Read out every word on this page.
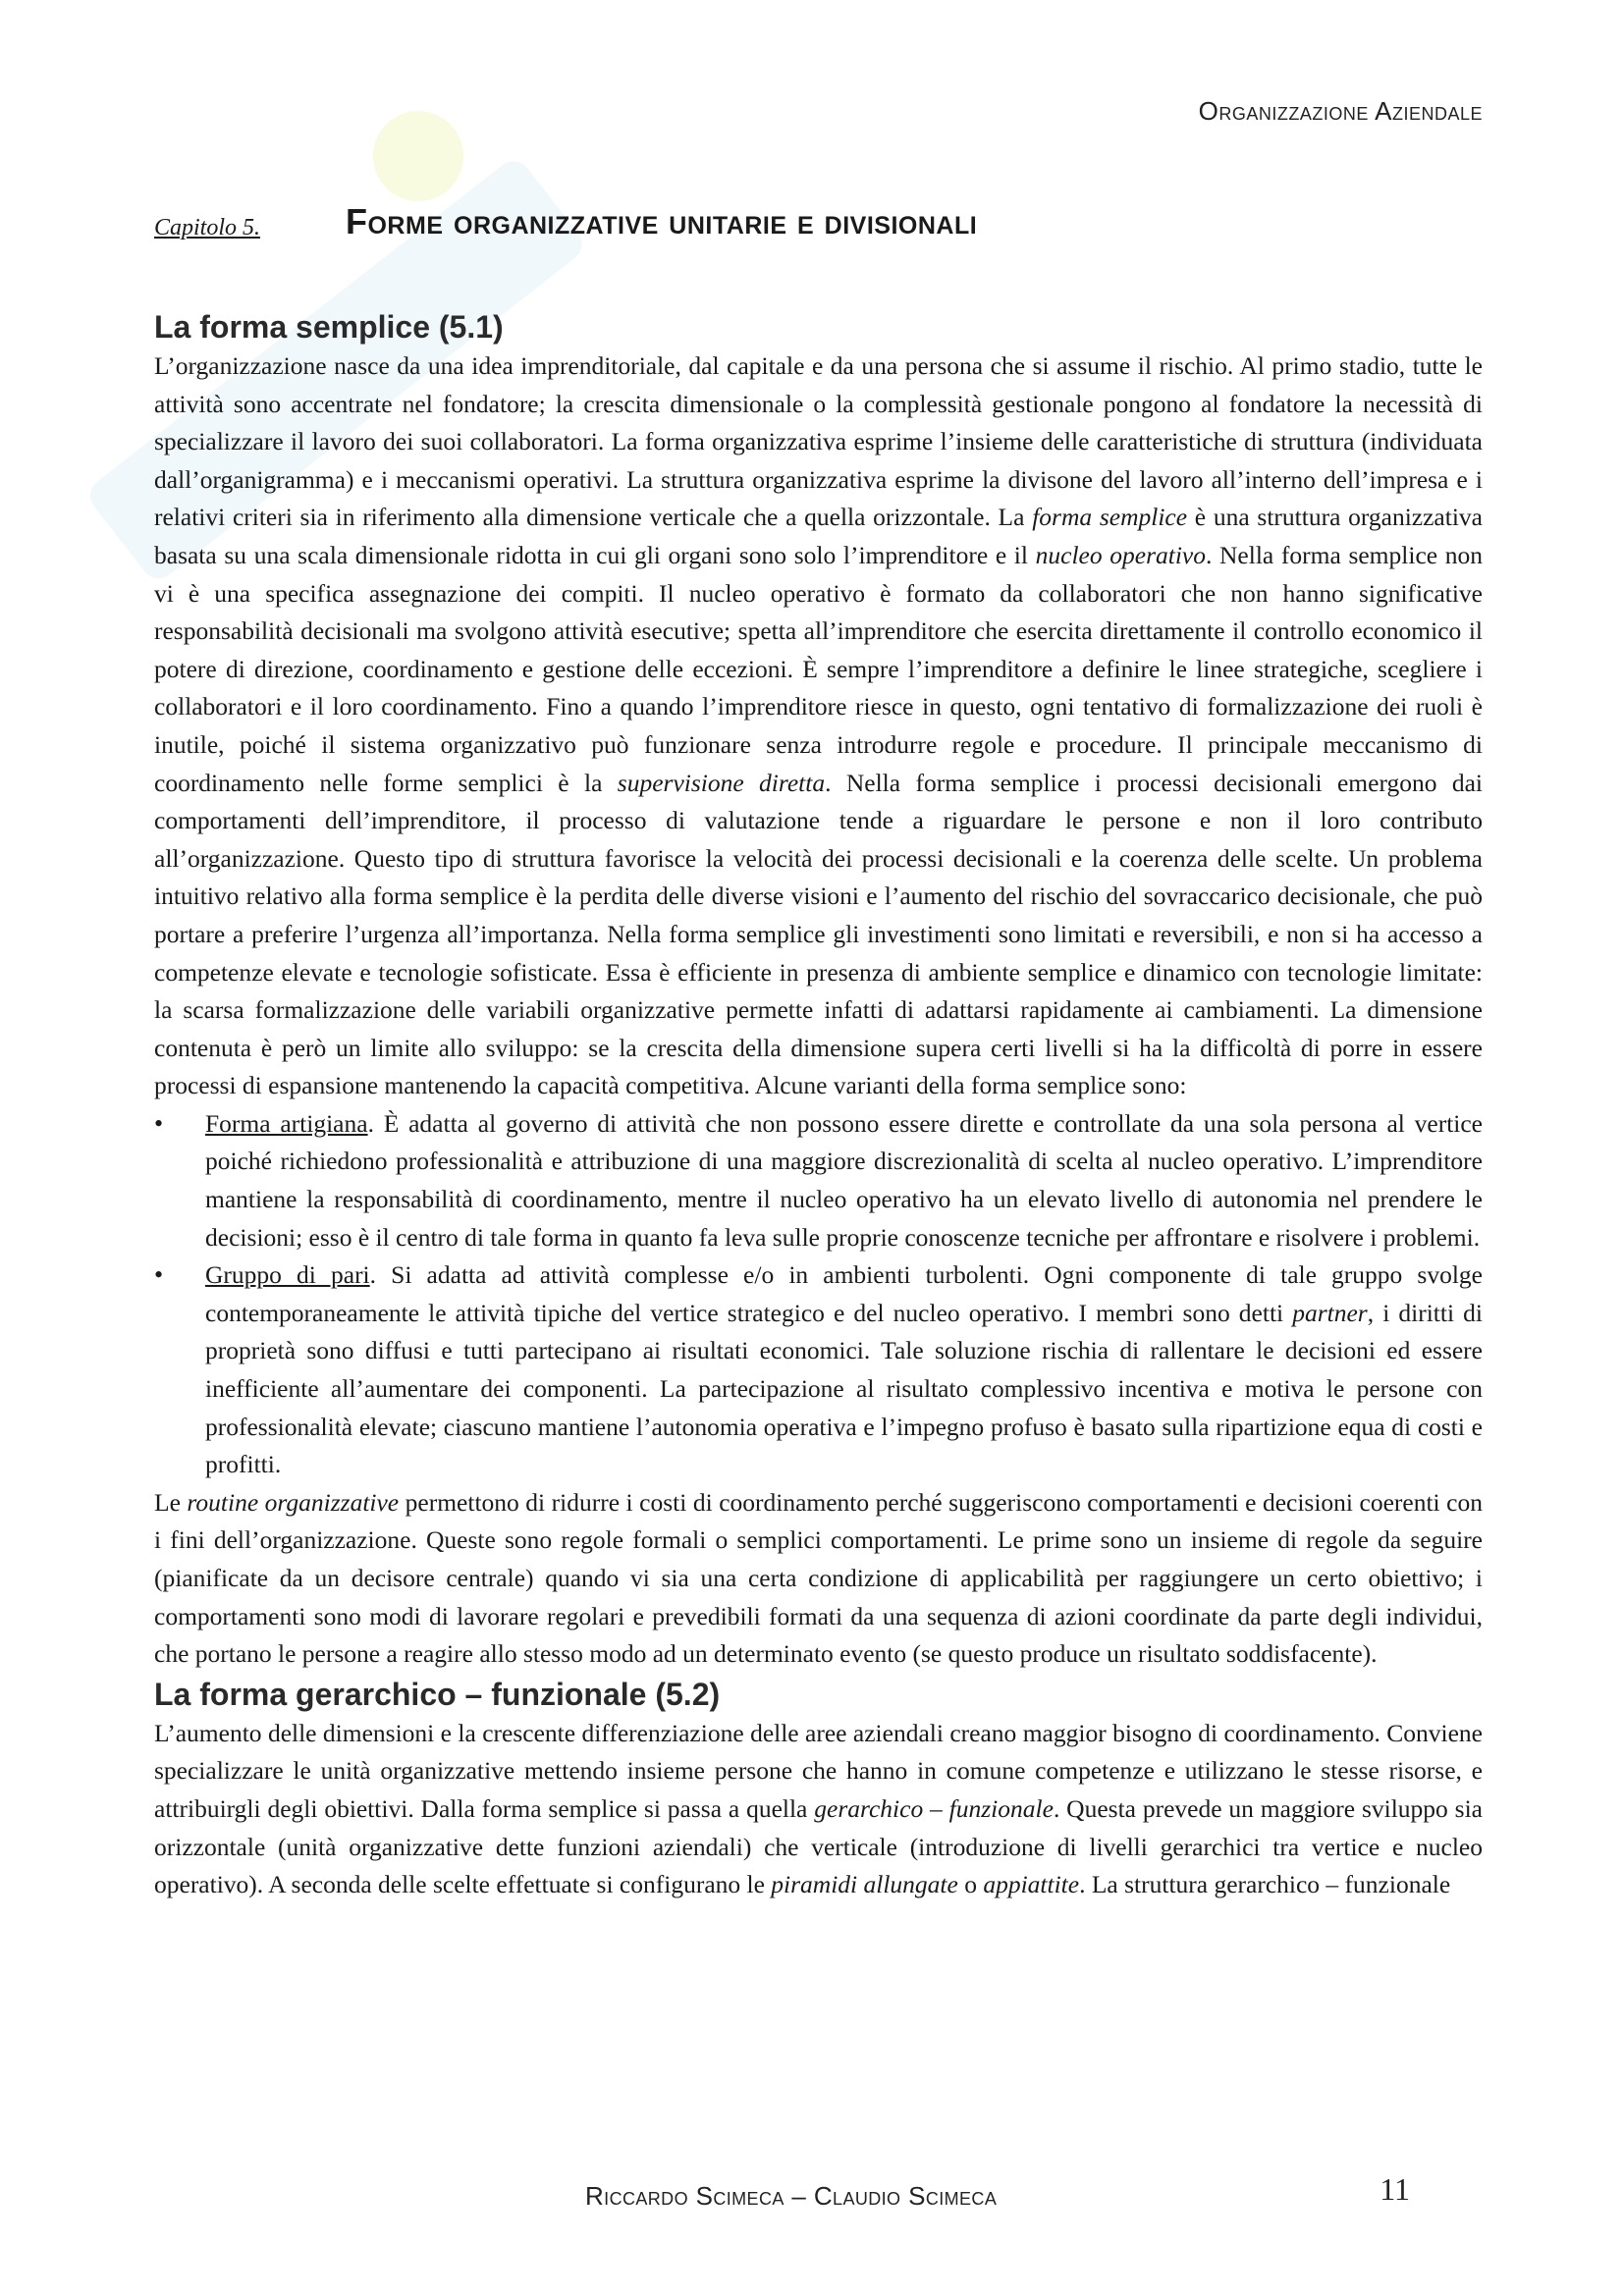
Organizzazione Aziendale
Capitolo 5. Forme organizzative unitarie e divisionali
La forma semplice (5.1)

L’organizzazione nasce da una idea imprenditoriale, dal capitale e da una persona che si assume il rischio. Al primo stadio, tutte le attività sono accentrate nel fondatore; la crescita dimensionale o la complessità gestionale pongono al fondatore la necessità di specializzare il lavoro dei suoi collaboratori. La forma organizzativa esprime l’insieme delle caratteristiche di struttura (individuata dall’organigramma) e i meccanismi operativi. La struttura organizzativa esprime la divisone del lavoro all’interno dell’impresa e i relativi criteri sia in riferimento alla dimensione verticale che a quella orizzontale. La forma semplice è una struttura organizzativa basata su una scala dimensionale ridotta in cui gli organi sono solo l’imprenditore e il nucleo operativo. Nella forma semplice non vi è una specifica assegnazione dei compiti. Il nucleo operativo è formato da collaboratori che non hanno significative responsabilità decisionali ma svolgono attività esecutive; spetta all’imprenditore che esercita direttamente il controllo economico il potere di direzione, coordinamento e gestione delle eccezioni. È sempre l’imprenditore a definire le linee strategiche, scegliere i collaboratori e il loro coordinamento. Fino a quando l’imprenditore riesce in questo, ogni tentativo di formalizzazione dei ruoli è inutile, poiché il sistema organizzativo può funzionare senza introdurre regole e procedure. Il principale meccanismo di coordinamento nelle forme semplici è la supervisione diretta. Nella forma semplice i processi decisionali emergono dai comportamenti dell’imprenditore, il processo di valutazione tende a riguardare le persone e non il loro contributo all’organizzazione. Questo tipo di struttura favorisce la velocità dei processi decisionali e la coerenza delle scelte. Un problema intuitivo relativo alla forma semplice è la perdita delle diverse visioni e l’aumento del rischio del sovraccarico decisionale, che può portare a preferire l’urgenza all’importanza. Nella forma semplice gli investimenti sono limitati e reversibili, e non si ha accesso a competenze elevate e tecnologie sofisticate. Essa è efficiente in presenza di ambiente semplice e dinamico con tecnologie limitate: la scarsa formalizzazione delle variabili organizzative permette infatti di adattarsi rapidamente ai cambiamenti. La dimensione contenuta è però un limite allo sviluppo: se la crescita della dimensione supera certi livelli si ha la difficoltà di porre in essere processi di espansione mantenendo la capacità competitiva. Alcune varianti della forma semplice sono:

• Forma artigiana. È adatta al governo di attività che non possono essere dirette e controllate da una sola persona al vertice poiché richiedono professionalità e attribuzione di una maggiore discrezionalità di scelta al nucleo operativo. L’imprenditore mantiene la responsabilità di coordinamento, mentre il nucleo operativo ha un elevato livello di autonomia nel prendere le decisioni; esso è il centro di tale forma in quanto fa leva sulle proprie conoscenze tecniche per affrontare e risolvere i problemi.
• Gruppo di pari. Si adatta ad attività complesse e/o in ambienti turbolenti. Ogni componente di tale gruppo svolge contemporaneamente le attività tipiche del vertice strategico e del nucleo operativo. I membri sono detti partner, i diritti di proprietà sono diffusi e tutti partecipano ai risultati economici. Tale soluzione rischia di rallentare le decisioni ed essere inefficiente all’aumentare dei componenti. La partecipazione al risultato complessivo incentiva e motiva le persone con professionalità elevate; ciascuno mantiene l’autonomia operativa e l’impegno profuso è basato sulla ripartizione equa di costi e profitti.

Le routine organizzative permettono di ridurre i costi di coordinamento perché suggeriscono comportamenti e decisioni coerenti con i fini dell’organizzazione. Queste sono regole formali o semplici comportamenti. Le prime sono un insieme di regole da seguire (pianificate da un decisore centrale) quando vi sia una certa condizione di applicabilità per raggiungere un certo obiettivo; i comportamenti sono modi di lavorare regolari e prevedibili formati da una sequenza di azioni coordinate da parte degli individui, che portano le persone a reagire allo stesso modo ad un determinato evento (se questo produce un risultato soddisfacente).

La forma gerarchico – funzionale (5.2)

L’aumento delle dimensioni e la crescente differenziazione delle aree aziendali creano maggior bisogno di coordinamento. Conviene specializzare le unità organizzative mettendo insieme persone che hanno in comune competenze e utilizzano le stesse risorse, e attribuirgli degli obiettivi. Dalla forma semplice si passa a quella gerarchico – funzionale. Questa prevede un maggiore sviluppo sia orizzontale (unità organizzative dette funzioni aziendali) che verticale (introduzione di livelli gerarchici tra vertice e nucleo operativo). A seconda delle scelte effettuate si configurano le piramidi allungate o appiattite. La struttura gerarchico – funzionale

Riccardo Scimeca – Claudio Scimeca	11
